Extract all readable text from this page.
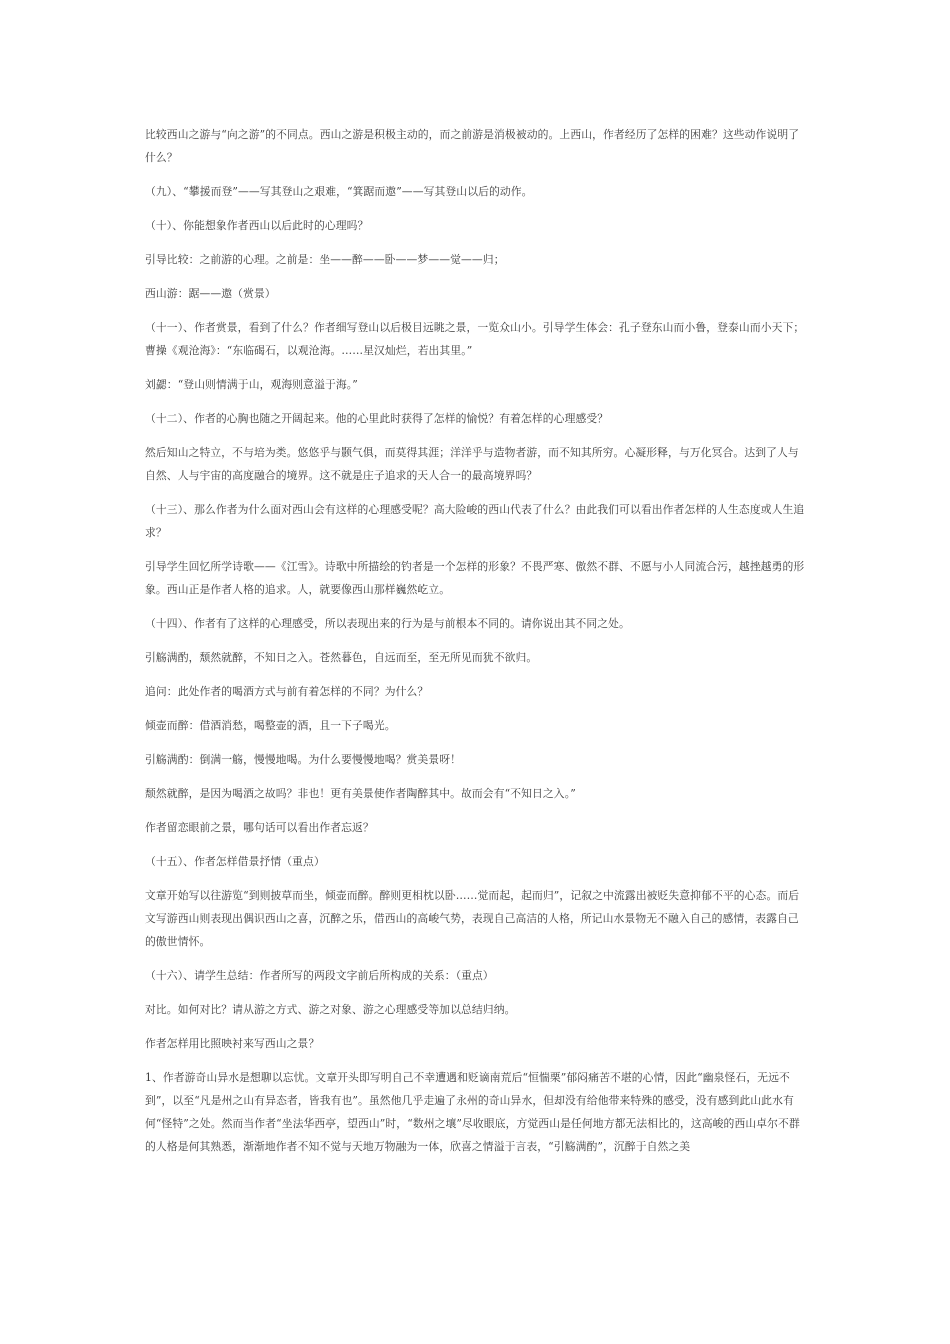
比较西山之游与“向之游”的不同点。西山之游是积极主动的，而之前游是消极被动的。上西山，作者经历了怎样的困难？这些动作说明了什么？

（九）、“攀援而登”——写其登山之艰难，“箕踞而遨”——写其登山以后的动作。

（十）、你能想象作者西山以后此时的心理吗？

引导比较：之前游的心理。之前是：坐——醉——卧——梦——觉——归；

西山游：踞——遨（赏景）

（十一）、作者赏景，看到了什么？作者细写登山以后极目远眺之景，一览众山小。引导学生体会：孔子登东山而小鲁，登泰山而小天下；曹操《观沧海》：“东临碣石，以观沧海。……星汉灿烂，若出其里。”

刘勰：“登山则情满于山，观海则意溢于海。”

（十二）、作者的心胸也随之开阔起来。他的心里此时获得了怎样的愉悦？有着怎样的心理感受？

然后知山之特立，不与培为类。悠悠乎与颢气俱，而莫得其涯；洋洋乎与造物者游，而不知其所穷。心凝形释，与万化冥合。达到了人与自然、人与宇宙的高度融合的境界。这不就是庄子追求的天人合一的最高境界吗？

（十三）、那么作者为什么面对西山会有这样的心理感受呢？高大险峻的西山代表了什么？由此我们可以看出作者怎样的人生态度或人生追求？

引导学生回忆所学诗歌——《江雪》。诗歌中所描绘的钓者是一个怎样的形象？不畏严寒、傲然不群、不愿与小人同流合污，越挫越勇的形象。西山正是作者人格的追求。人，就要像西山那样巍然屹立。

（十四）、作者有了这样的心理感受，所以表现出来的行为是与前根本不同的。请你说出其不同之处。

引觞满酌，颓然就醉，不知日之入。苍然暮色，自远而至，至无所见而犹不欲归。

追问：此处作者的喝酒方式与前有着怎样的不同？为什么？

倾壶而醉：借酒消愁，喝整壶的酒，且一下子喝光。

引觞满酌：倒满一觞，慢慢地喝。为什么要慢慢地喝？赏美景呀！

颓然就醉，是因为喝酒之故吗？非也！更有美景使作者陶醉其中。故而会有“不知日之入。”

作者留恋眼前之景，哪句话可以看出作者忘返？

（十五）、作者怎样借景抒情（重点）

文章开始写以往游览“到则披草而坐，倾壶而醉。醉则更相枕以卧……觉而起，起而归”，记叙之中流露出被贬失意抑郁不平的心态。而后文写游西山则表现出偶识西山之喜，沉醉之乐，借西山的高峻气势，表现自己高洁的人格，所记山水景物无不融入自己的感情，表露自己的傲世情怀。

（十六）、请学生总结：作者所写的两段文字前后所构成的关系：（重点）

对比。如何对比？请从游之方式、游之对象、游之心理感受等加以总结归纳。

作者怎样用比照映衬来写西山之景？

1、作者游奇山异水是想聊以忘忧。文章开头即写明自己不幸遭遇和贬谪南荒后“恒惴栗”郁闷痛苦不堪的心情，因此“幽泉怪石，无远不到”，以至“凡是州之山有异态者，皆我有也”。虽然他几乎走遍了永州的奇山异水，但却没有给他带来特殊的感受，没有感到此山此水有何“怪特”之处。然而当作者“坐法华西亭，望西山”时，“数州之壤”尽收眼底，方觉西山是任何地方都无法相比的，这高峻的西山卓尔不群的人格是何其熟悉，渐渐地作者不知不觉与天地万物融为一体，欣喜之情溢于言表，“引觞满酌”，沉醉于自然之美
